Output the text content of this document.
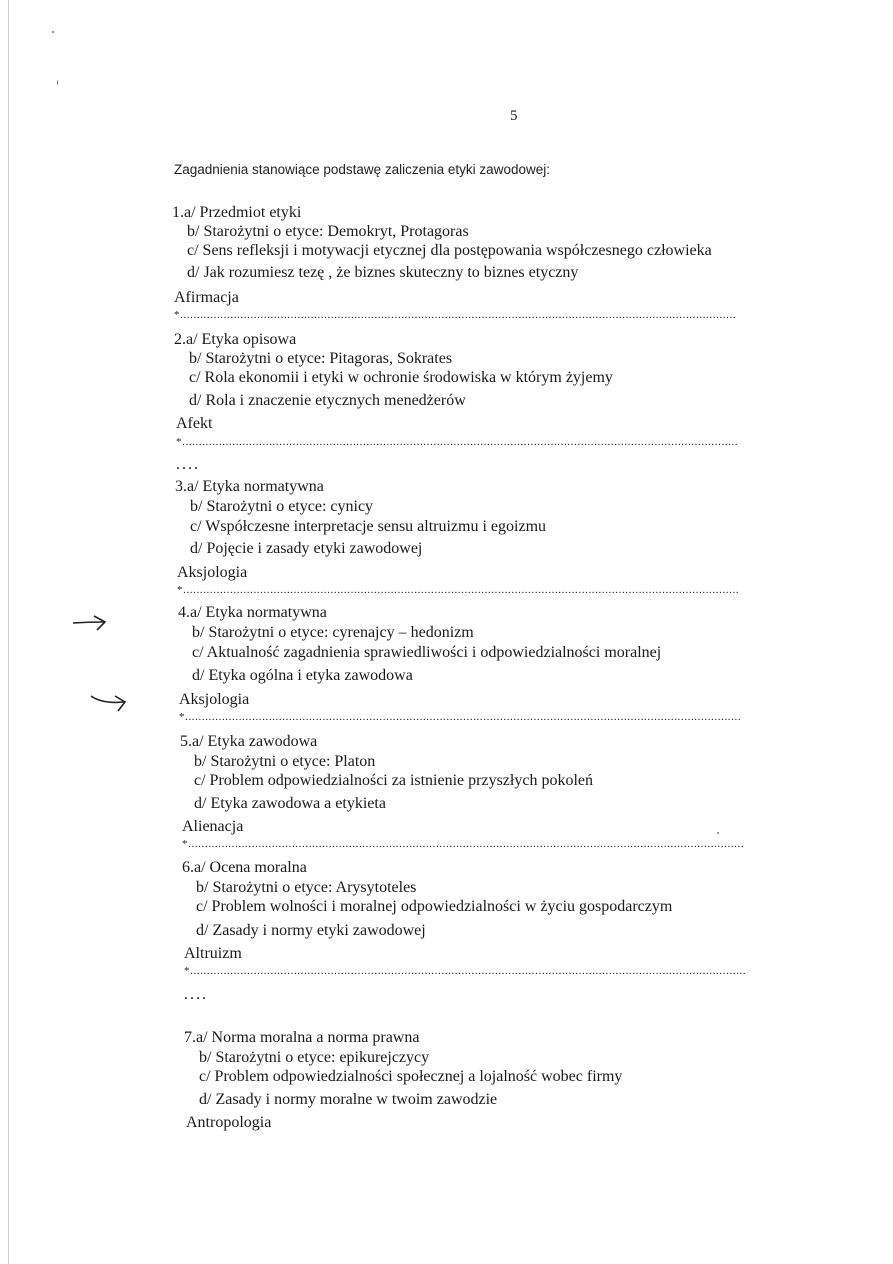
5
Zagadnienia stanowiące podstawę zaliczenia etyki zawodowej:
1.a/ Przedmiot etyki
b/ Starożytni o etyce: Demokryt, Protagoras
c/ Sens refleksji i motywacji etycznej dla postępowania współczesnego człowieka
d/ Jak rozumiesz tezę , że biznes skuteczny to biznes etyczny
Afirmacja
*......................................................................................................................................................................
2.a/ Etyka opisowa
b/ Starożytni o etyce: Pitagoras, Sokrates
c/ Rola ekonomii i etyki w ochronie środowiska w którym żyjemy
d/ Rola i znaczenie etycznych menedżerów
Afekt
*......................................................................................................................................................................
....
3.a/ Etyka normatywna
b/ Starożytni o etyce: cynicy
c/ Współczesne interpretacje sensu altruizmu i egoizmu
d/ Pojęcie i zasady etyki zawodowej
Aksjologia
*......................................................................................................................................................................
4.a/ Etyka normatywna
b/ Starożytni o etyce: cyrenajcy – hedonizm
c/ Aktualność zagadnienia sprawiedliwości i odpowiedzialności moralnej
d/ Etyka ogólna i etyka zawodowa
Aksjologia
*......................................................................................................................................................................
5.a/ Etyka zawodowa
b/ Starożytni o etyce: Platon
c/ Problem odpowiedzialności za istnienie przyszłych pokoleń
d/ Etyka zawodowa a etykieta
Alienacja
*......................................................................................................................................................................
6.a/ Ocena moralna
b/ Starożytni o etyce: Arysytoteles
c/ Problem wolności i moralnej odpowiedzialności w życiu gospodarczym
d/ Zasady i normy etyki zawodowej
Altruizm
*......................................................................................................................................................................
....
7.a/ Norma moralna a norma prawna
b/ Starożytni o etyce: epikurejczycy
c/ Problem odpowiedzialności społecznej a lojalność wobec firmy
d/ Zasady i normy moralne w twoim zawodzie
Antropologia
